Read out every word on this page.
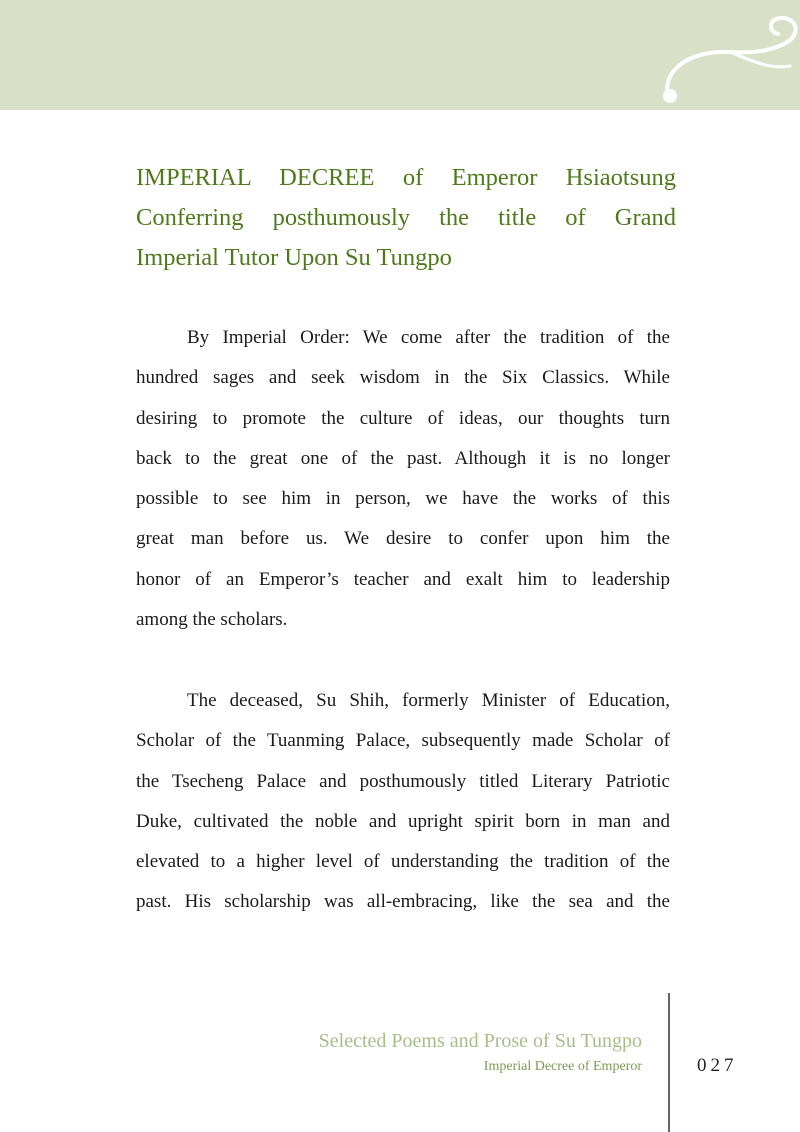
IMPERIAL DECREE of Emperor Hsiaotsung
Conferring posthumously the title of Grand
Imperial Tutor Upon Su Tungpo
By Imperial Order: We come after the tradition of the
hundred sages and seek wisdom in the Six Classics. While
desiring to promote the culture of ideas, our thoughts turn
back to the great one of the past. Although it is no longer
possible to see him in person, we have the works of this
great man before us. We desire to confer upon him the
honor of an Emperor’s teacher and exalt him to leadership
among the scholars.
The deceased, Su Shih, formerly Minister of Education,
Scholar of the Tuanming Palace, subsequently made Scholar of
the Tsecheng Palace and posthumously titled Literary Patriotic
Duke, cultivated the noble and upright spirit born in man and
elevated to a higher level of understanding the tradition of the
past. His scholarship was all-embracing, like the sea and the
Selected Poems and Prose of Su Tungpo
Imperial Decree of Emperor	027
